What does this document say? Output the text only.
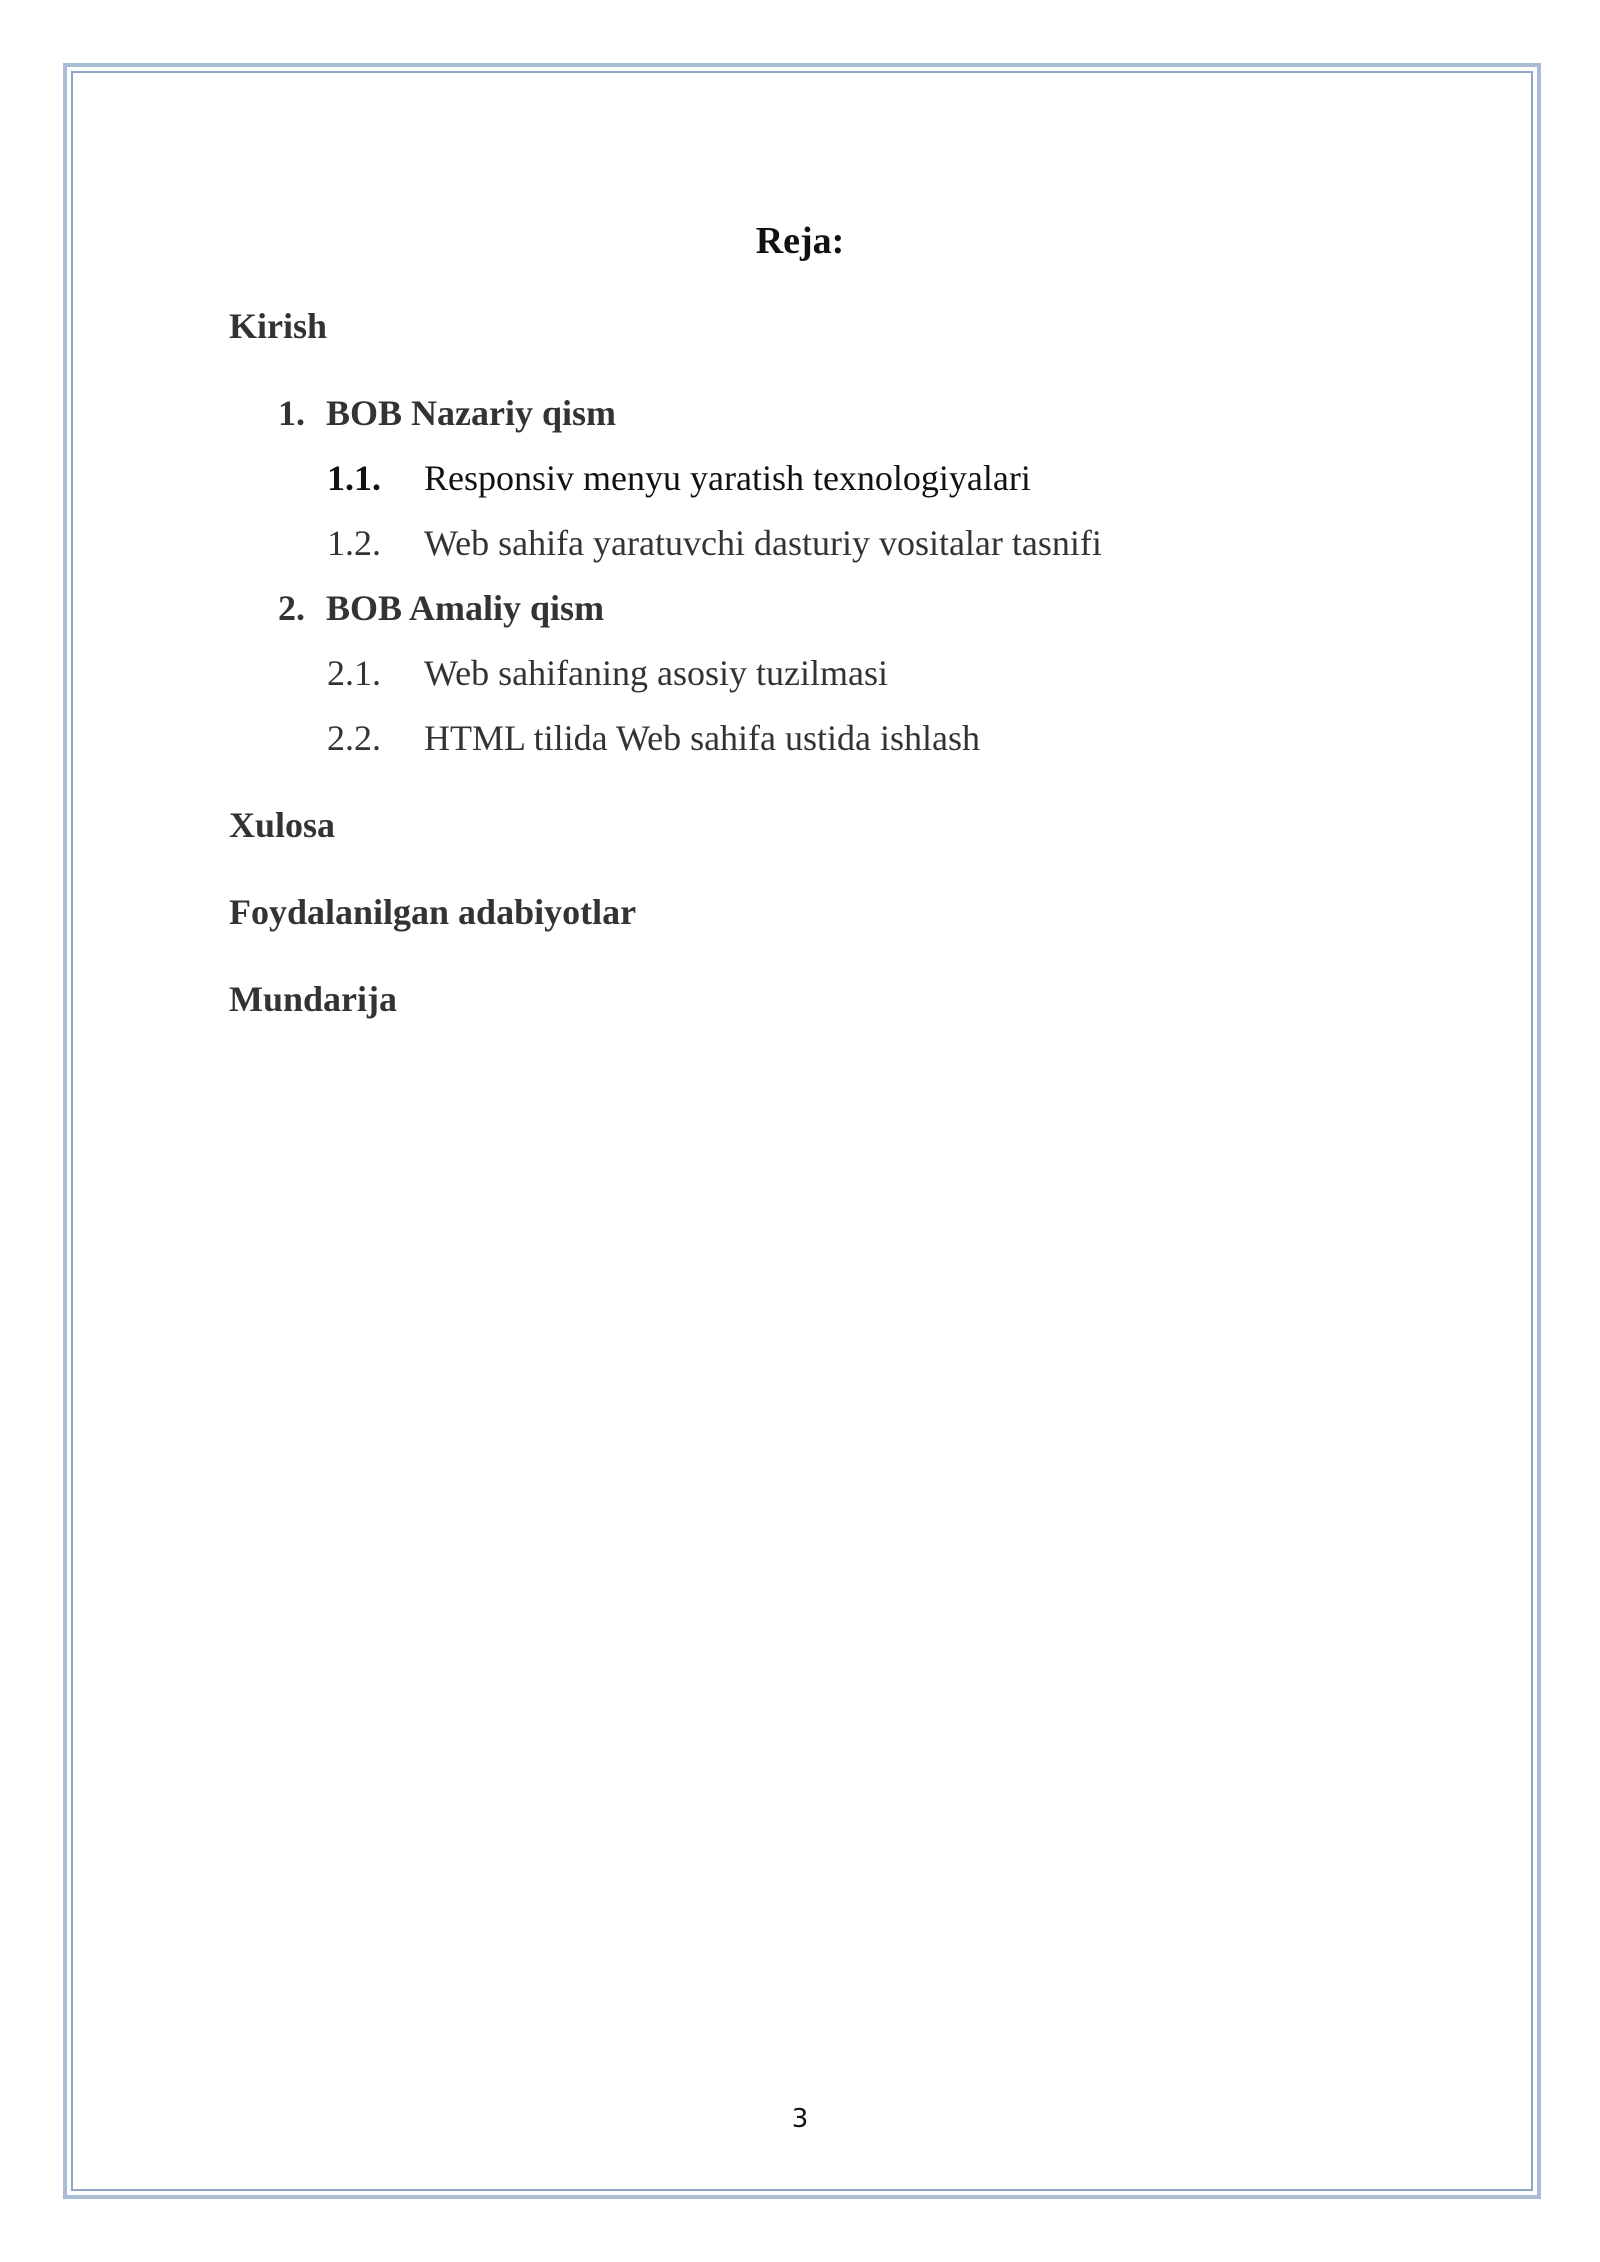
Reja:
Kirish
1. BOB Nazariy qism
1.1. Responsiv menyu yaratish texnologiyalari
1.2. Web sahifa yaratuvchi dasturiy vositalar tasnifi
2. BOB Amaliy qism
2.1. Web sahifaning asosiy tuzilmasi
2.2. HTML tilida Web sahifa ustida ishlash
Xulosa
Foydalanilgan adabiyotlar
Mundarija
3
